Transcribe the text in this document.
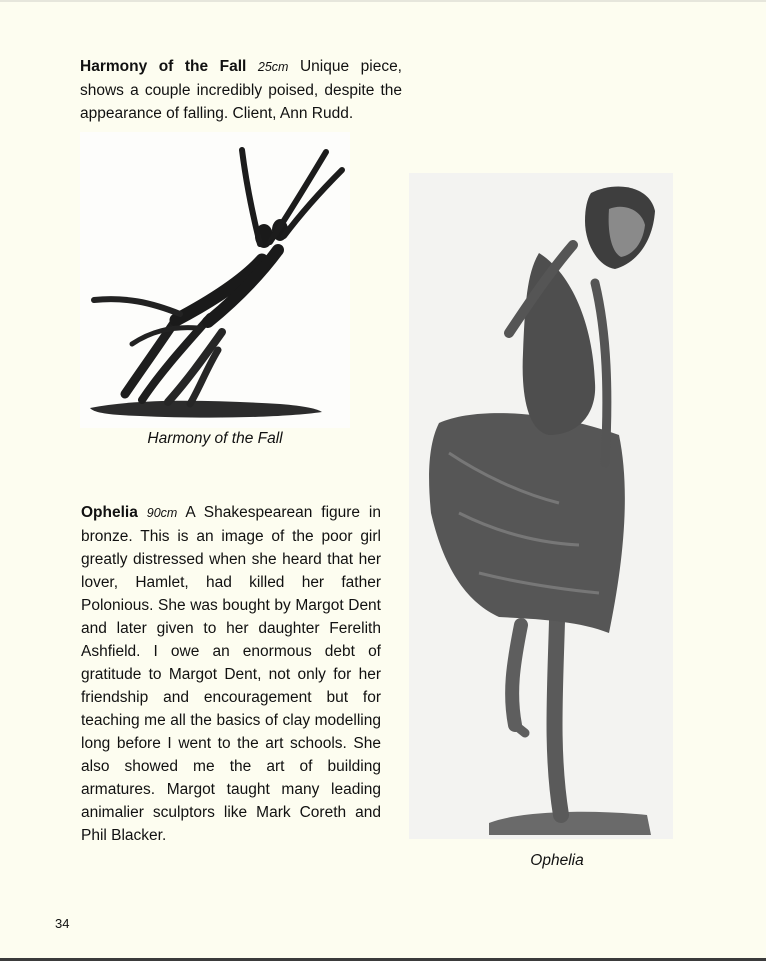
Harmony of the Fall 25cm Unique piece, shows a couple incredibly poised, despite the appearance of falling. Client, Ann Rudd.
Harmony of the Fall
Ophelia 90cm A Shakespearean figure in bronze. This is an image of the poor girl greatly distressed when she heard that her lover, Hamlet, had killed her father Polonious. She was bought by Margot Dent and later given to her daughter Ferelith Ashfield. I owe an enormous debt of gratitude to Margot Dent, not only for her friendship and encouragement but for teaching me all the basics of clay modelling long before I went to the art schools. She also showed me the art of building armatures. Margot taught many leading animalier sculptors like Mark Coreth and Phil Blacker.
Ophelia
34
